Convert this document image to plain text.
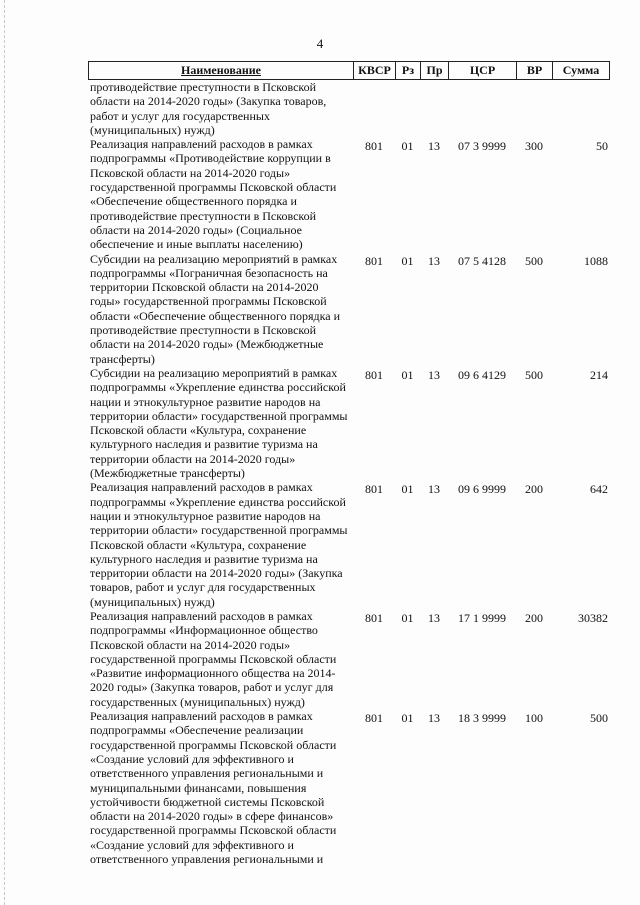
4
Наименование	КВСР Рз	Пр	ЦСР	ВР	Сумма
противодействие преступности в Псковской области на 2014-2020 годы» (Закупка товаров, работ и услуг для государственных (муниципальных) нужд)
Реализация направлений расходов в рамках подпрограммы «Противодействие коррупции в Псковской области на 2014-2020 годы» государственной программы Псковской области «Обеспечение общественного порядка и противодействие преступности в Псковской области на 2014-2020 годы» (Социальное обеспечение и иные выплаты населению)
801	01	13	07 3 9999	300	50
Субсидии на реализацию мероприятий в рамках подпрограммы «Пограничная безопасность на территории Псковской области на 2014-2020 годы» государственной программы Псковской области «Обеспечение общественного порядка и противодействие преступности в Псковской области на 2014-2020 годы» (Межбюджетные трансферты)
801	01	13	07 5 4128	500	1088
Субсидии на реализацию мероприятий в рамках подпрограммы «Укрепление единства российской нации и этнокультурное развитие народов на территории области» государственной программы Псковской области «Культура, сохранение культурного наследия и развитие туризма на территории области на 2014-2020 годы» (Межбюджетные трансферты)
801	01	13	09 6 4129	500	214
Реализация направлений расходов в рамках подпрограммы «Укрепление единства российской нации и этнокультурное развитие народов на территории области» государственной программы Псковской области «Культура, сохранение культурного наследия и развитие туризма на территории области на 2014-2020 годы» (Закупка товаров, работ и услуг для государственных (муниципальных) нужд)
801	01	13	09 6 9999	200	642
Реализация направлений расходов в рамках подпрограммы «Информационное общество Псковской области на 2014-2020 годы» государственной программы Псковской области «Развитие информационного общества на 2014-2020 годы» (Закупка товаров, работ и услуг для государственных (муниципальных) нужд)
801	01	13	17 1 9999	200	30382
Реализация направлений расходов в рамках подпрограммы «Обеспечение реализации государственной программы Псковской области «Создание условий для эффективного и ответственного управления региональными и муниципальными финансами, повышения устойчивости бюджетной системы Псковской области на 2014-2020 годы» в сфере финансов» государственной программы Псковской области «Создание условий для эффективного и ответственного управления региональными и
801	01	13	18 3 9999	100	500
